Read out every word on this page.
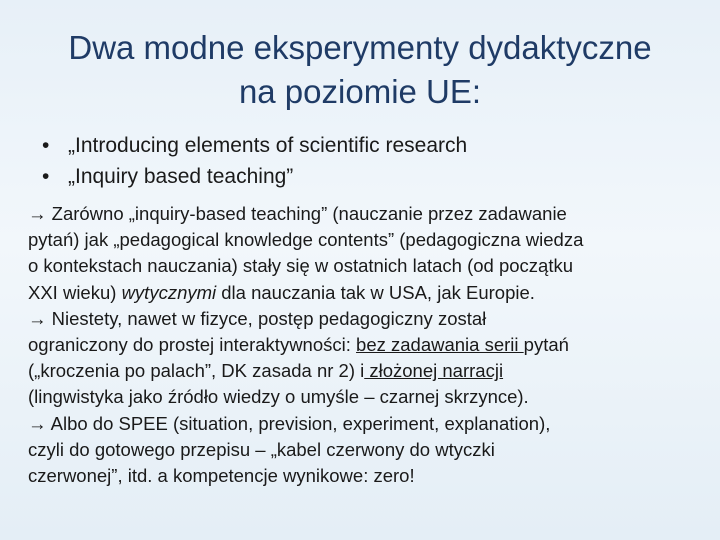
Dwa modne eksperymenty dydaktyczne
na poziomie UE:
• „Introducing elements of scientific research
• „Inquiry based teaching”
→ Zarówno „inquiry-based teaching” (nauczanie przez zadawanie
pytań) jak „pedagogical knowledge contents” (pedagogiczna wiedza
o kontekstach nauczania) stały się w ostatnich latach (od początku
XXI wieku) wytycznymi dla nauczania tak w USA, jak Europie.
→ Niestety, nawet w fizyce, postęp pedagogiczny został
ograniczony do prostej interaktywności: bez zadawania serii pytań
(„kroczenia po palach”, DK zasada nr 2) i złożonej narracji
(lingwistyka jako źródło wiedzy o umyśle – czarnej skrzynce).
→ Albo do SPEE (situation, prevision, experiment, explanation),
czyli do gotowego przepisu – „kabel czerwony do wtyczki
czerwonej”, itd. a kompetencje wynikowe: zero!
